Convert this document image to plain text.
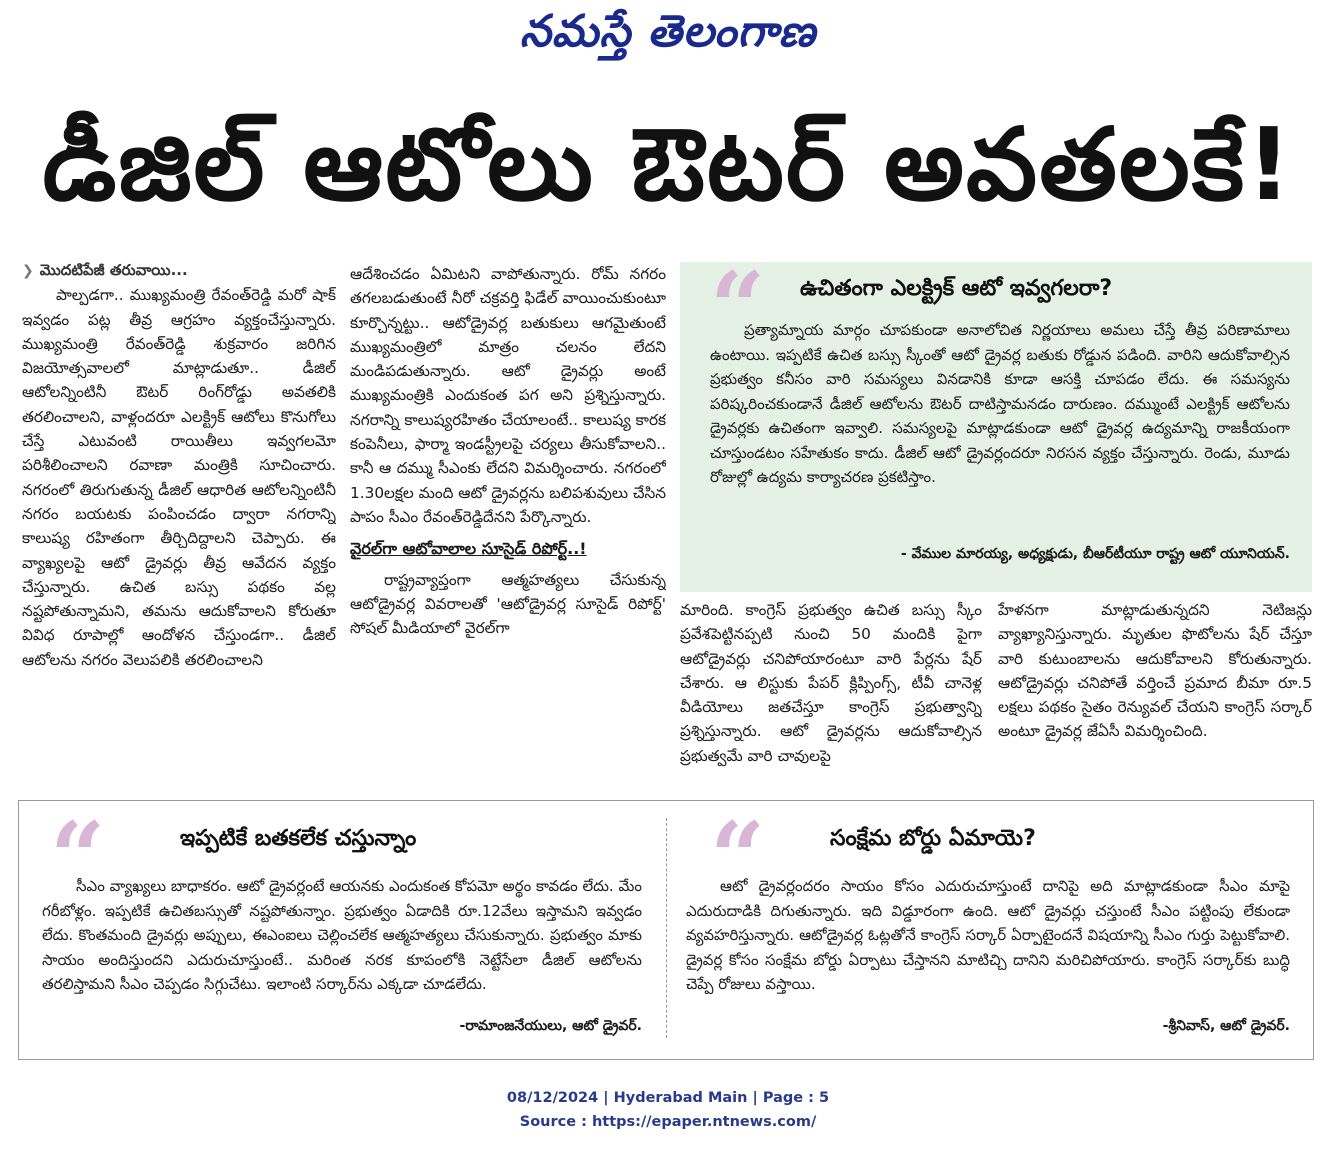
నమస్తే తెలంగాణ
డీజిల్ ఆటోలు ఔటర్ అవతలకే!
❯ మొదటిపేజీ తరువాయి...

పాల్పడగా.. ముఖ్యమంత్రి రేవంత్‌రెడ్డి మరో షాక్ ఇవ్వడం పట్ల తీవ్ర ఆగ్రహం వ్యక్తంచేస్తున్నారు. ముఖ్యమంత్రి రేవంత్‌రెడ్డి శుక్రవారం జరిగిన విజయోత్సవాలలో మాట్లాడుతూ.. డీజిల్ ఆటోలన్నింటినీ ఔటర్ రింగ్‌రోడ్డు అవతలికి తరలించాలని, వాళ్లందరూ ఎలక్ట్రిక్ ఆటోలు కొనుగోలు చేస్తే ఎటువంటి రాయితీలు ఇవ్వగలమో పరిశీలించాలని రవాణా మంత్రికి సూచించారు. నగరంలో తిరుగుతున్న డీజిల్ ఆధారిత ఆటోలన్నింటినీ నగరం బయటకు పంపించడం ద్వారా నగరాన్ని కాలుష్య రహితంగా తీర్చిదిద్దాలని చెప్పారు. ఈ వ్యాఖ్యలపై ఆటో డ్రైవర్లు తీవ్ర ఆవేదన వ్యక్తం చేస్తున్నారు. ఉచిత బస్సు పథకం వల్ల నష్టపోతున్నామని, తమను ఆదుకోవాలని కోరుతూ వివిధ రూపాల్లో ఆందోళన చేస్తుండగా.. డీజిల్ ఆటోలను నగరం వెలుపలికి తరలించాలని

ఆదేశించడం ఏమిటని వాపోతున్నారు. రోమ్ నగరం తగలబడుతుంటే నీరో చక్రవర్తి ఫిడేల్ వాయించుకుంటూ కూర్చొన్నట్టు.. ఆటోడ్రైవర్ల బతుకులు ఆగమైతుంటే ముఖ్యమంత్రిలో మాత్రం చలనం లేదని మండిపడుతున్నారు. ఆటో డ్రైవర్లు అంటే ముఖ్యమంత్రికి ఎందుకంత పగ అని ప్రశ్నిస్తున్నారు. నగరాన్ని కాలుష్యరహితం చేయాలంటే.. కాలుష్య కారక కంపెనీలు, ఫార్మా ఇండస్ట్రీలపై చర్యలు తీసుకోవాలని.. కానీ ఆ దమ్ము సీఎంకు లేదని విమర్శించారు. నగరంలో 1.30లక్షల మంది ఆటో డ్రైవర్లను బలిపశువులు చేసిన పాపం సీఎం రేవంత్‌రెడ్డిదేనని పేర్కొన్నారు.

వైరల్‌గా ఆటోవాలాల సూసైడ్ రిపోర్ట్..!

రాష్ట్రవ్యాప్తంగా ఆత్మహత్యలు చేసుకున్న ఆటోడ్రైవర్ల వివరాలతో 'ఆటోడ్రైవర్ల సూసైడ్ రిపోర్ట్' సోషల్ మీడియాలో వైరల్‌గా

“ ఉచితంగా ఎలక్ట్రిక్ ఆటో ఇవ్వగలరా?

ప్రత్యామ్నాయ మార్గం చూపకుండా అనాలోచిత నిర్ణయాలు అమలు చేస్తే తీవ్ర పరిణామాలు ఉంటాయి. ఇప్పటికే ఉచిత బస్సు స్కీంతో ఆటో డ్రైవర్ల బతుకు రోడ్డున పడింది. వారిని ఆదుకోవాల్సిన ప్రభుత్వం కనీసం వారి సమస్యలు వినడానికి కూడా ఆసక్తి చూపడం లేదు. ఈ సమస్యను పరిష్కరించకుండానే డీజిల్ ఆటోలను ఔటర్ దాటిస్తామనడం దారుణం. దమ్ముంటే ఎలక్ట్రిక్ ఆటోలను డ్రైవర్లకు ఉచితంగా ఇవ్వాలి. సమస్యలపై మాట్లాడకుండా ఆటో డ్రైవర్ల ఉద్యమాన్ని రాజకీయంగా చూస్తుండటం సహేతుకం కాదు. డీజిల్ ఆటో డ్రైవర్లందరూ నిరసన వ్యక్తం చేస్తున్నారు. రెండు, మూడు రోజుల్లో ఉద్యమ కార్యాచరణ ప్రకటిస్తాం.

- వేముల మారయ్య, అధ్యక్షుడు, బీఆర్‌టీయూ రాష్ట్ర ఆటో యూనియన్.

మారింది. కాంగ్రెస్ ప్రభుత్వం ఉచిత బస్సు స్కీం ప్రవేశపెట్టినప్పటి నుంచి 50 మందికి పైగా ఆటోడ్రైవర్లు చనిపోయారంటూ వారి పేర్లను షేర్ చేశారు. ఆ లిస్టుకు పేపర్ క్లిప్పింగ్స్, టీవీ చానెళ్ల వీడియోలు జతచేస్తూ కాంగ్రెస్ ప్రభుత్వాన్ని ప్రశ్నిస్తున్నారు. ఆటో డ్రైవర్లను ఆదుకోవాల్సిన ప్రభుత్వమే వారి చావులపై

హేళనగా మాట్లాడుతున్నదని నెటిజన్లు వ్యాఖ్యానిస్తున్నారు. మృతుల ఫొటోలను షేర్ చేస్తూ వారి కుటుంబాలను ఆదుకోవాలని కోరుతున్నారు. ఆటోడ్రైవర్లు చనిపోతే వర్తించే ప్రమాద బీమా రూ.5 లక్షలు పథకం సైతం రెన్యువల్ చేయని కాంగ్రెస్ సర్కార్ అంటూ డ్రైవర్ల జేఏసీ విమర్శించింది.

“	ఇప్పటికే బతకలేక చస్తున్నాం

సీఎం వ్యాఖ్యలు బాధాకరం. ఆటో డ్రైవర్లంటే ఆయనకు ఎందుకంత కోపమో అర్థం కావడం లేదు. మేం గరీబోళ్లం. ఇప్పటికే ఉచితబస్సుతో నష్టపోతున్నాం. ప్రభుత్వం ఏడాదికి రూ.12వేలు ఇస్తామని ఇవ్వడం లేదు. కొంతమంది డ్రైవర్లు అప్పులు, ఈఎంఐలు చెల్లించలేక ఆత్మహత్యలు చేసుకున్నారు. ప్రభుత్వం మాకు సాయం అందిస్తుందని ఎదురుచూస్తుంటే.. మరింత నరక కూపంలోకి నెట్టేసేలా డీజిల్ ఆటోలను తరలిస్తామని సీఎం చెప్పడం సిగ్గుచేటు. ఇలాంటి సర్కార్‌ను ఎక్కడా చూడలేదు.

-రామాంజనేయులు, ఆటో డ్రైవర్.
“	సంక్షేమ బోర్డు ఏమాయె?

ఆటో డ్రైవర్లందరం సాయం కోసం ఎదురుచూస్తుంటే దానిపై అది మాట్లాడకుండా సీఎం మాపై ఎదురుదాడికి దిగుతున్నారు. ఇది విడ్డూరంగా ఉంది. ఆటో డ్రైవర్లు చస్తుంటే సీఎం పట్టింపు లేకుండా వ్యవహరిస్తున్నారు. ఆటోడ్రైవర్ల ఓట్లతోనే కాంగ్రెస్ సర్కార్ ఏర్పాటైందనే విషయాన్ని సీఎం గుర్తు పెట్టుకోవాలి. డ్రైవర్ల కోసం సంక్షేమ బోర్డు ఏర్పాటు చేస్తానని మాటిచ్చి దానిని మరిచిపోయారు. కాంగ్రెస్ సర్కార్‌కు బుద్ధి చెప్పే రోజులు వస్తాయి.

-శ్రీనివాస్, ఆటో డ్రైవర్.
08/12/2024 | Hyderabad Main | Page : 5
Source : https://epaper.ntnews.com/
